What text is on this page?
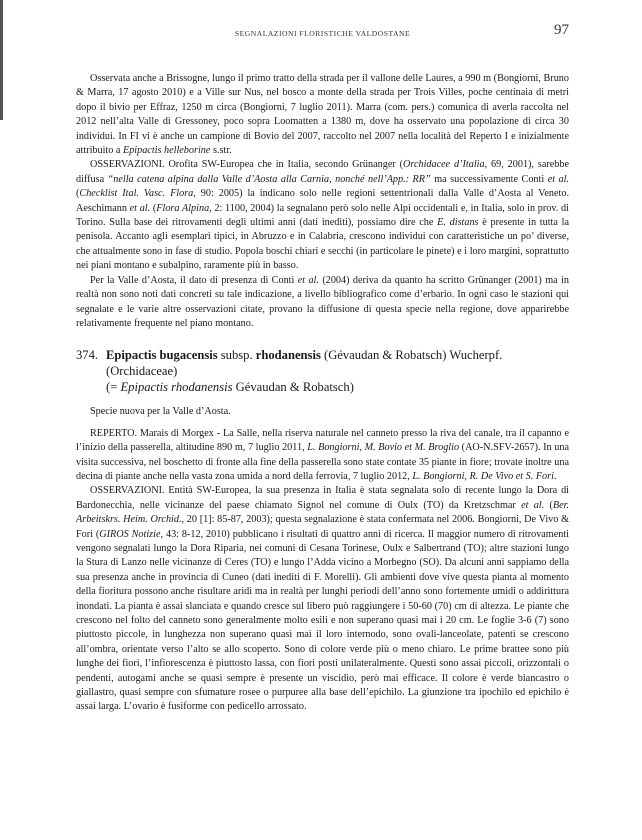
SEGNALAZIONI FLORISTICHE VALDOSTANE	97

Osservata anche a Brissogne, lungo il primo tratto della strada per il vallone delle Laures, a 990 m (Bongiorni, Bruno & Marra, 17 agosto 2010) e a Ville sur Nus, nel bosco a monte della strada per Trois Villes, poche centinaia di metri dopo il bivio per Effraz, 1250 m circa (Bongiorni, 7 luglio 2011). Marra (com. pers.) comunica di averla raccolta nel 2012 nell’alta Valle di Gressoney, poco sopra Loomatten a 1380 m, dove ha osservato una popolazione di circa 30 individui. In FI vi è anche un campione di Bovio del 2007, raccolto nel 2007 nella località del Reperto I e inizialmente attribuito a Epipactis helleborine s.str.

OSSERVAZIONI. Orofita SW-Europea che in Italia, secondo Grünanger (Orchidacee d’Italia, 69, 2001), sarebbe diffusa “nella catena alpina dalla Valle d’Aosta alla Carnia, nonché nell’App.: RR” ma successivamente Conti et al. (Checklist Ital. Vasc. Flora, 90: 2005) la indicano solo nelle regioni settentrionali dalla Valle d’Aosta al Veneto. Aeschimann et al. (Flora Alpina, 2: 1100, 2004) la segnalano però solo nelle Alpi occidentali e, in Italia, solo in prov. di Torino. Sulla base dei ritrovamenti degli ultimi anni (dati inediti), possiamo dire che E. distans è presente in tutta la penisola. Accanto agli esemplari tipici, in Abruzzo e in Calabria, crescono individui con caratteristiche un po’ diverse, che attualmente sono in fase di studio. Popola boschi chiari e secchi (in particolare le pinete) e i loro margini, soprattutto nei piani montano e subalpino, raramente più in basso.

Per la Valle d’Aosta, il dato di presenza di Conti et al. (2004) deriva da quanto ha scritto Grünanger (2001) ma in realtà non sono noti dati concreti su tale indicazione, a livello bibliografico come d’erbario. In ogni caso le stazioni qui segnalate e le varie altre osservazioni citate, provano la diffusione di questa specie nella regione, dove apparirebbe relativamente frequente nel piano montano.

374. Epipactis bugacensis subsp. rhodanensis (Gévaudan & Robatsch) Wucherpf.
(Orchidaceae)
(= Epipactis rhodanensis Gévaudan & Robatsch)

Specie nuova per la Valle d’Aosta.

REPERTO. Marais di Morgex - La Salle, nella riserva naturale nel canneto presso la riva del canale, tra il capanno e l’inizio della passerella, altitudine 890 m, 7 luglio 2011, L. Bongiorni, M. Bovio et M. Broglio (AO-N.SFV-2657). In una visita successiva, nel boschetto di fronte alla fine della passerella sono state contate 35 piante in fiore; trovate inoltre una decina di piante anche nella vasta zona umida a nord della ferrovia, 7 luglio 2012, L. Bongiorni, R. De Vivo et S. Fori.

OSSERVAZIONI. Entità SW-Europea, la sua presenza in Italia è stata segnalata solo di recente lungo la Dora di Bardonecchia, nelle vicinanze del paese chiamato Signol nel comune di Oulx (TO) da Kretzschmar et al. (Ber. Arbeitskrs. Heim. Orchid., 20 [1]: 85-87, 2003); questa segnalazione è stata confermata nel 2006. Bongiorni, De Vivo & Fori (GIROS Notizie, 43: 8-12, 2010) pubblicano i risultati di quattro anni di ricerca. Il maggior numero di ritrovamenti vengono segnalati lungo la Dora Riparia, nei comuni di Cesana Torinese, Oulx e Salbertrand (TO); altre stazioni lungo la Stura di Lanzo nelle vicinanze di Ceres (TO) e lungo l’Adda vicino a Morbegno (SO). Da alcuni anni sappiamo della sua presenza anche in provincia di Cuneo (dati inediti di F. Morelli). Gli ambienti dove vive questa pianta al momento della fioritura possono anche risultare aridi ma in realtà per lunghi periodi dell’anno sono fortemente umidi o addirittura inondati. La pianta è assai slanciata e quando cresce sul libero può raggiungere i 50-60 (70) cm di altezza. Le piante che crescono nel folto del canneto sono generalmente molto esili e non superano quasi mai i 20 cm. Le foglie 3-6 (7) sono piuttosto piccole, in lunghezza non superano quasi mai il loro internodo, sono ovali-lanceolate, patenti se crescono all’ombra, orientate verso l’alto se allo scoperto. Sono di colore verde più o meno chiaro. Le prime brattee sono più lunghe dei fiori, l’infiorescenza è piuttosto lassa, con fiori posti unilateralmente. Questi sono assai piccoli, orizzontali o pendenti, autogami anche se quasi sempre è presente un viscidio, però mai efficace. Il colore è verde biancastro o giallastro, quasi sempre con sfumature rosee o purpuree alla base dell’epichilo. La giunzione tra ipochilo ed epichilo è assai larga. L’ovario è fusiforme con pedicello arrossato.
